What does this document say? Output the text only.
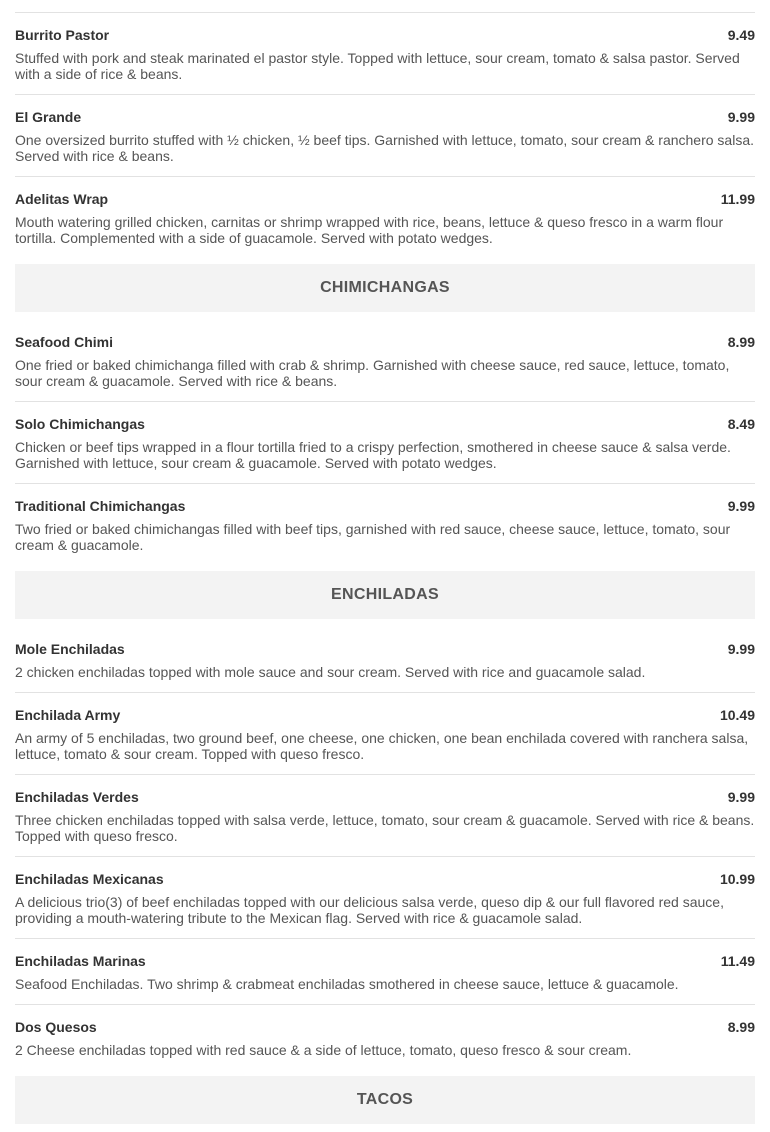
Burrito Pastor	9.49
Stuffed with pork and steak marinated el pastor style. Topped with lettuce, sour cream, tomato & salsa pastor. Served with a side of rice & beans.
El Grande	9.99
One oversized burrito stuffed with ½ chicken, ½ beef tips. Garnished with lettuce, tomato, sour cream & ranchero salsa. Served with rice & beans.
Adelitas Wrap	11.99
Mouth watering grilled chicken, carnitas or shrimp wrapped with rice, beans, lettuce & queso fresco in a warm flour tortilla. Complemented with a side of guacamole. Served with potato wedges.
CHIMICHANGAS
Seafood Chimi	8.99
One fried or baked chimichanga filled with crab & shrimp. Garnished with cheese sauce, red sauce, lettuce, tomato, sour cream & guacamole. Served with rice & beans.
Solo Chimichangas	8.49
Chicken or beef tips wrapped in a flour tortilla fried to a crispy perfection, smothered in cheese sauce & salsa verde. Garnished with lettuce, sour cream & guacamole. Served with potato wedges.
Traditional Chimichangas	9.99
Two fried or baked chimichangas filled with beef tips, garnished with red sauce, cheese sauce, lettuce, tomato, sour cream & guacamole.
ENCHILADAS
Mole Enchiladas	9.99
2 chicken enchiladas topped with mole sauce and sour cream. Served with rice and guacamole salad.
Enchilada Army	10.49
An army of 5 enchiladas, two ground beef, one cheese, one chicken, one bean enchilada covered with ranchera salsa, lettuce, tomato & sour cream. Topped with queso fresco.
Enchiladas Verdes	9.99
Three chicken enchiladas topped with salsa verde, lettuce, tomato, sour cream & guacamole. Served with rice & beans. Topped with queso fresco.
Enchiladas Mexicanas	10.99
A delicious trio(3) of beef enchiladas topped with our delicious salsa verde, queso dip & our full flavored red sauce, providing a mouth-watering tribute to the Mexican flag. Served with rice & guacamole salad.
Enchiladas Marinas	11.49
Seafood Enchiladas. Two shrimp & crabmeat enchiladas smothered in cheese sauce, lettuce & guacamole.
Dos Quesos	8.99
2 Cheese enchiladas topped with red sauce & a side of lettuce, tomato, queso fresco & sour cream.
TACOS
